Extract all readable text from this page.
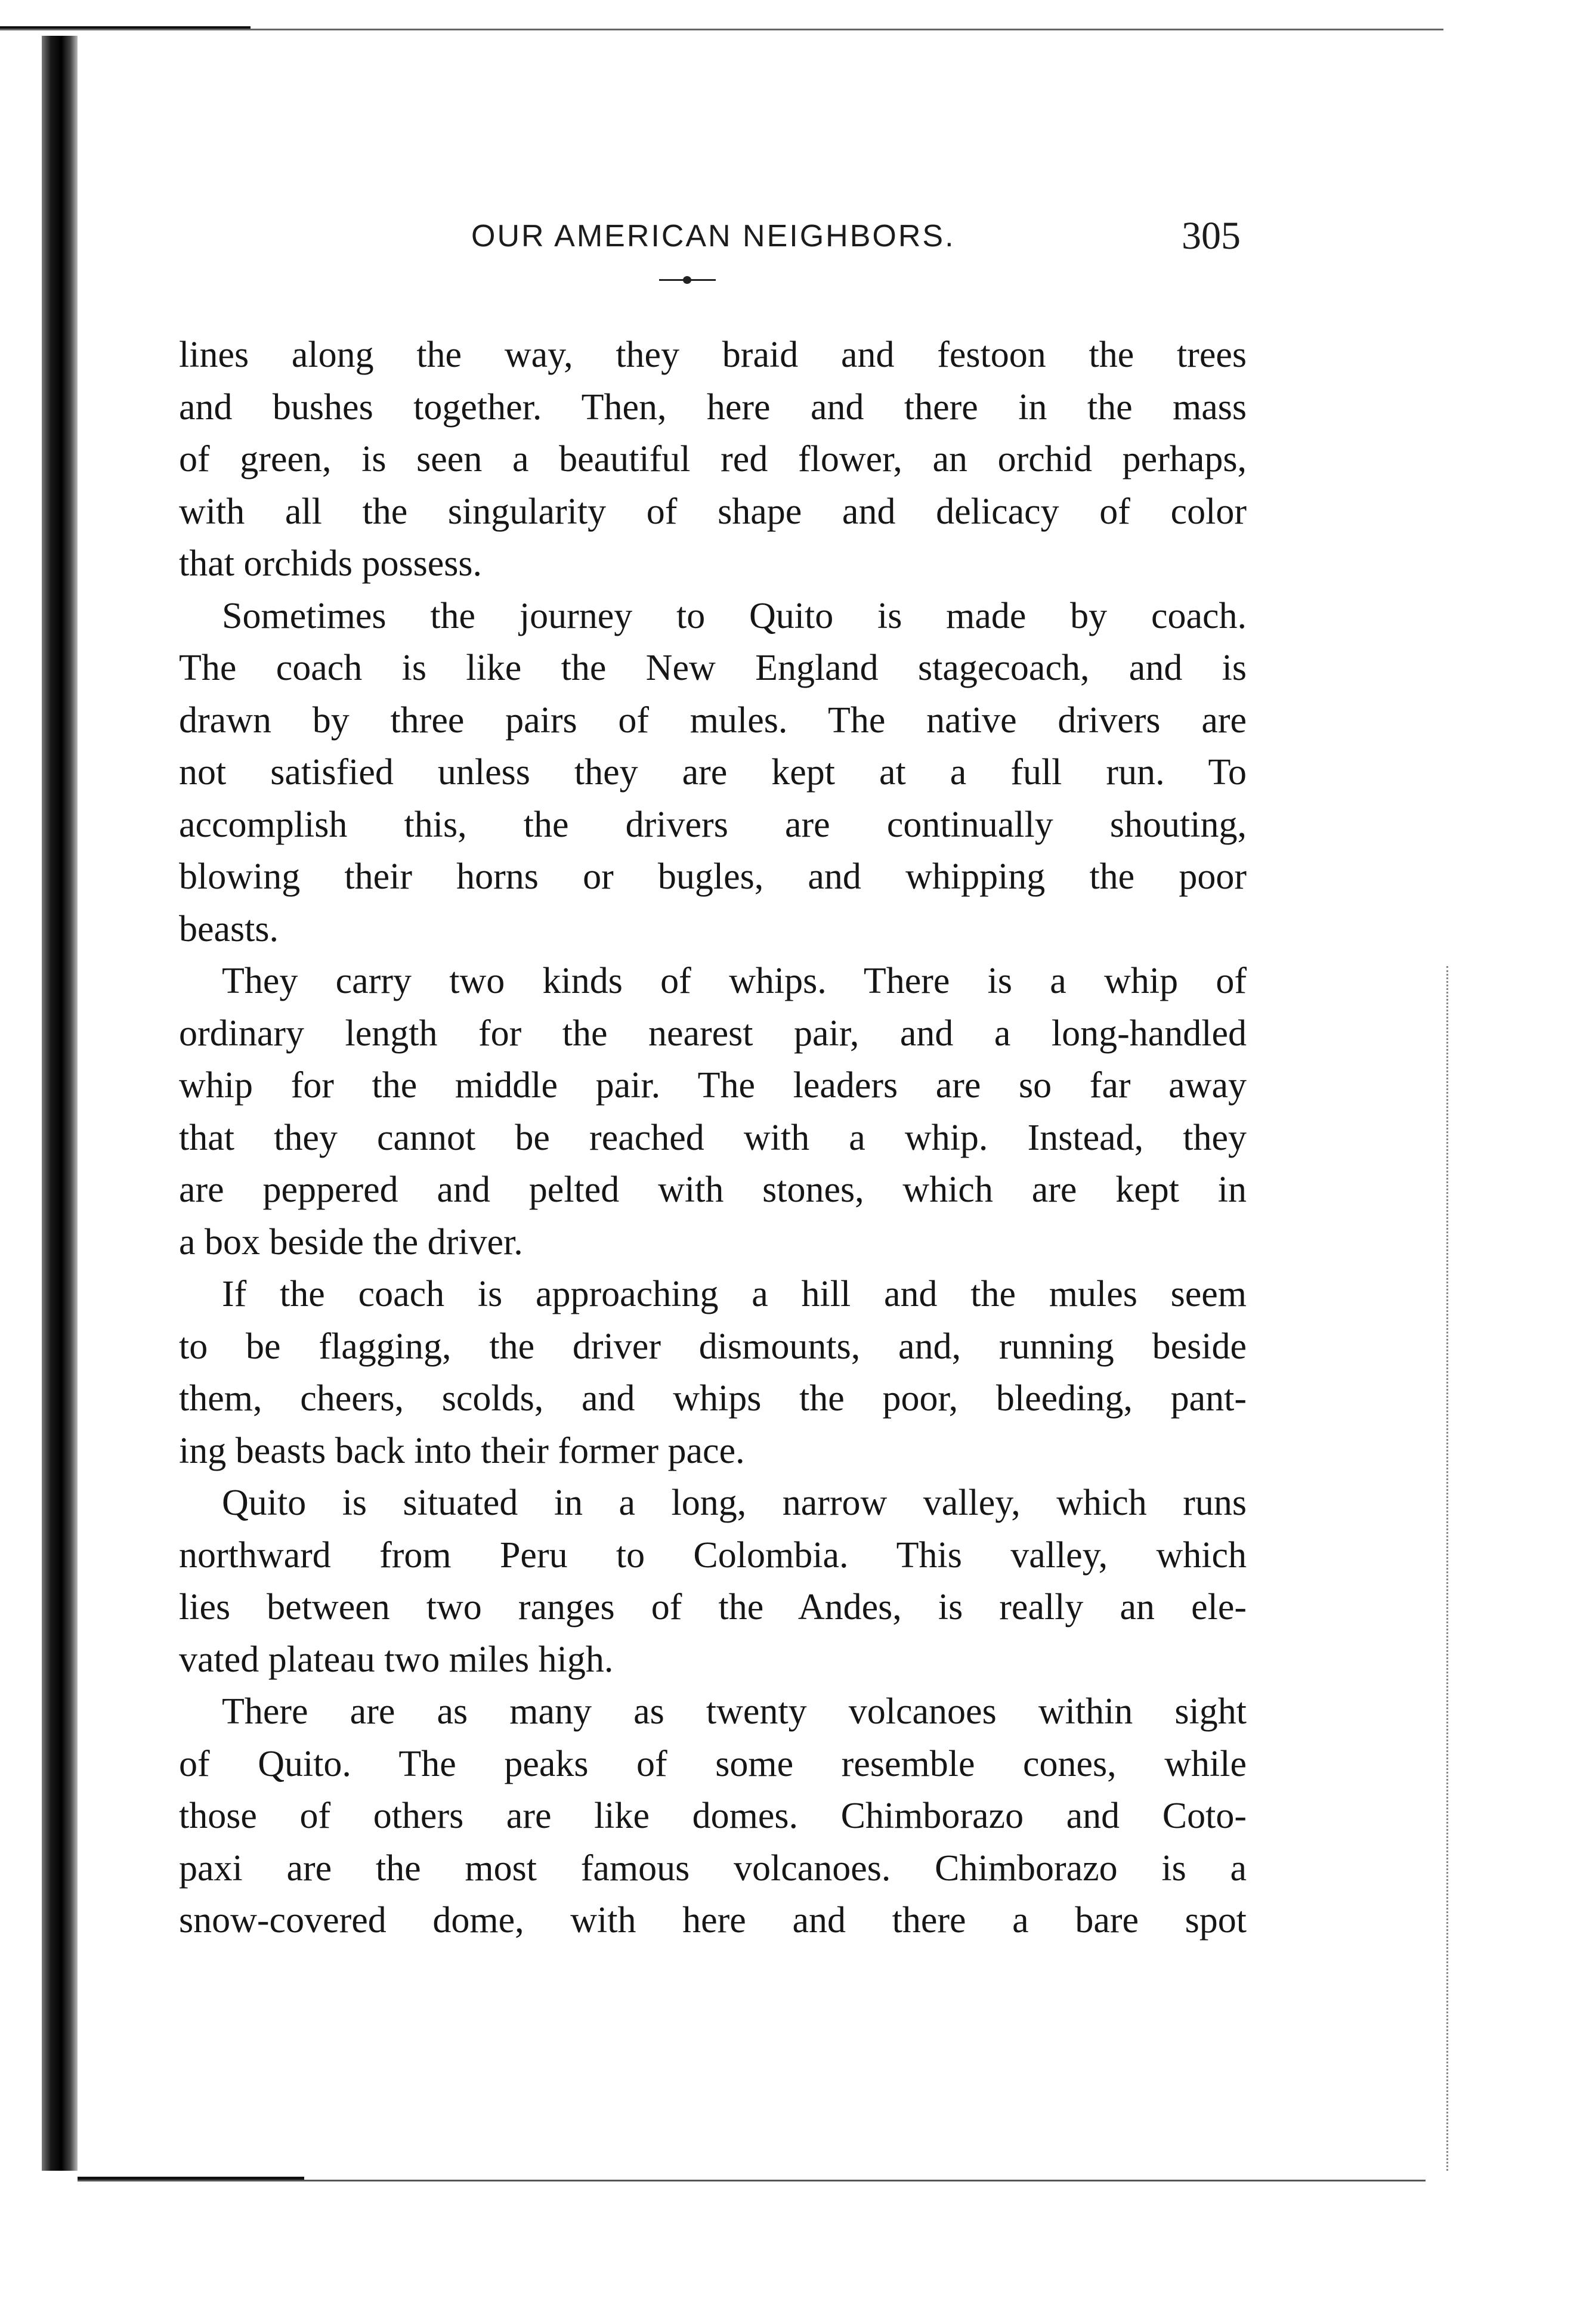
OUR AMERICAN NEIGHBORS.	305
lines along the way, they braid and festoon the trees
and bushes together. Then, here and there in the mass
of green, is seen a beautiful red flower, an orchid perhaps,
with all the singularity of shape and delicacy of color
that orchids possess.
Sometimes the journey to Quito is made by coach.
The coach is like the New England stagecoach, and is
drawn by three pairs of mules. The native drivers are
not satisfied unless they are kept at a full run. To
accomplish this, the drivers are continually shouting,
blowing their horns or bugles, and whipping the poor
beasts.
They carry two kinds of whips. There is a whip of
ordinary length for the nearest pair, and a long-handled
whip for the middle pair. The leaders are so far away
that they cannot be reached with a whip. Instead, they
are peppered and pelted with stones, which are kept in
a box beside the driver.
If the coach is approaching a hill and the mules seem
to be flagging, the driver dismounts, and, running beside
them, cheers, scolds, and whips the poor, bleeding, pant-
ing beasts back into their former pace.
Quito is situated in a long, narrow valley, which runs
northward from Peru to Colombia. This valley, which
lies between two ranges of the Andes, is really an ele-
vated plateau two miles high.
There are as many as twenty volcanoes within sight
of Quito. The peaks of some resemble cones, while
those of others are like domes. Chimborazo and Coto-
paxi are the most famous volcanoes. Chimborazo is a
snow-covered dome, with here and there a bare spot
